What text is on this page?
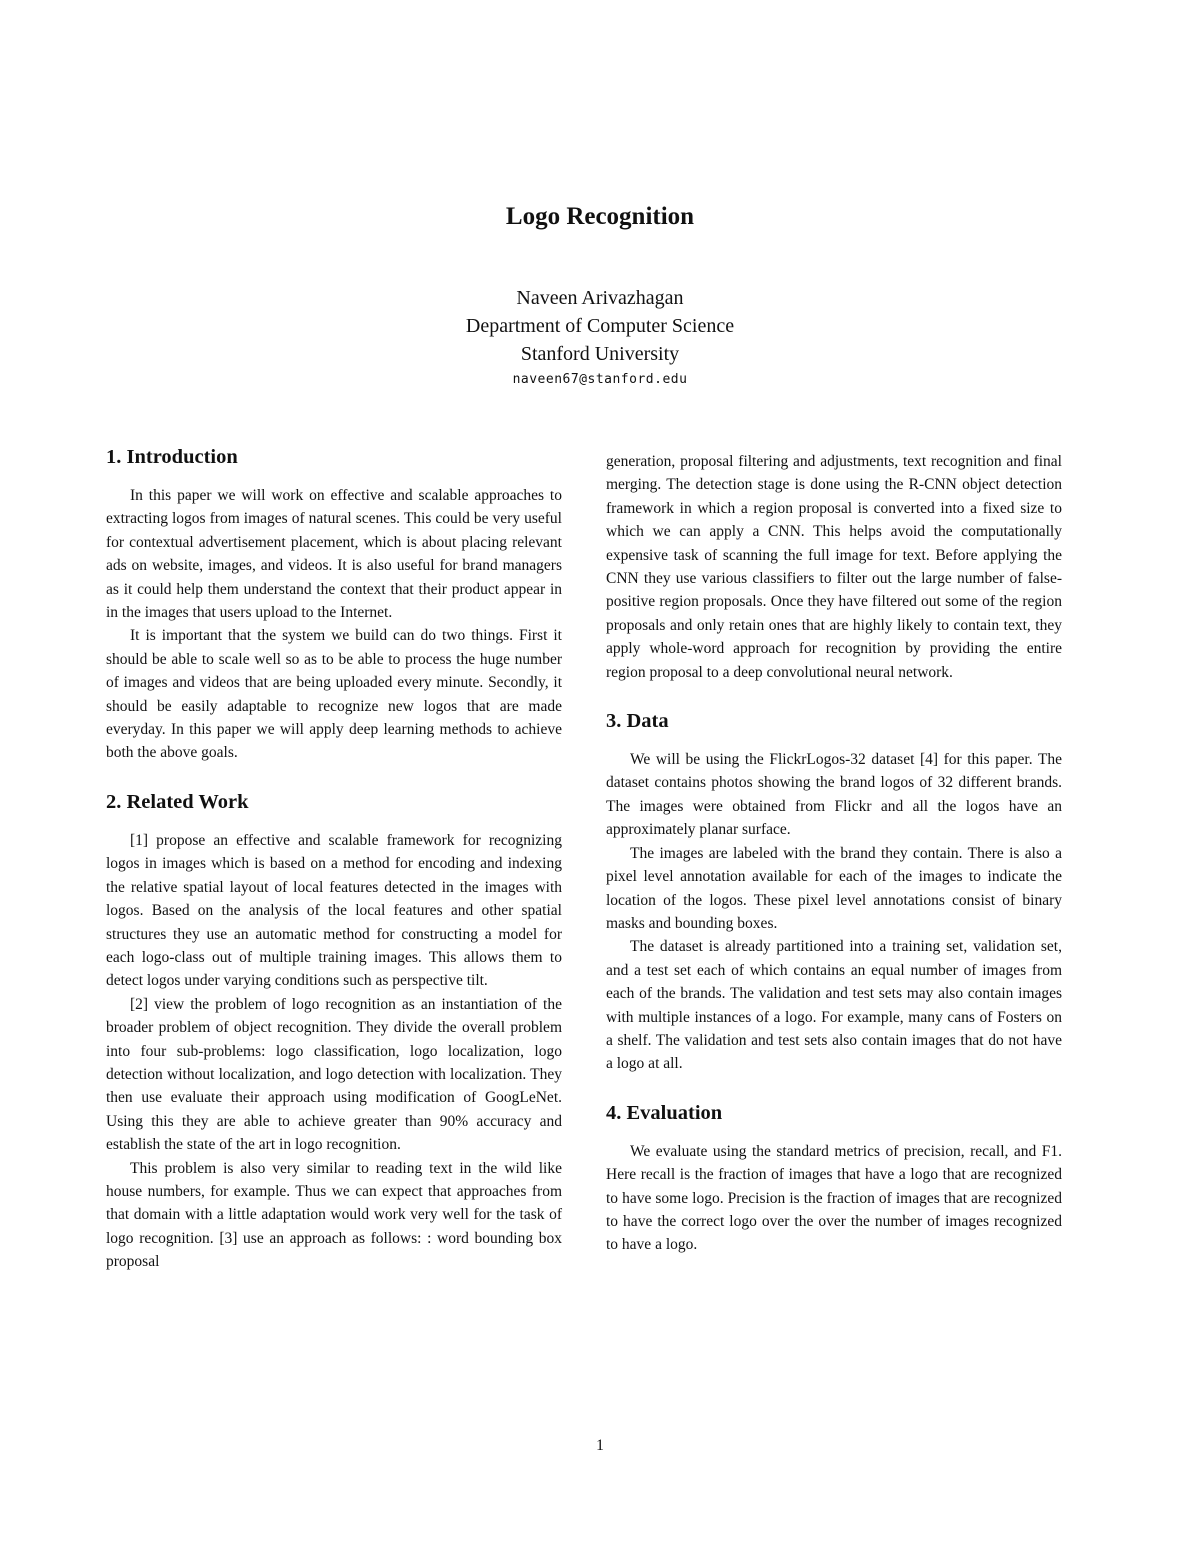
Logo Recognition
Naveen Arivazhagan
Department of Computer Science
Stanford University
naveen67@stanford.edu
1. Introduction

In this paper we will work on effective and scalable approaches to extracting logos from images of natural scenes. This could be very useful for contextual advertisement placement, which is about placing relevant ads on website, images, and videos. It is also useful for brand managers as it could help them understand the context that their product appear in in the images that users upload to the Internet.

It is important that the system we build can do two things. First it should be able to scale well so as to be able to process the huge number of images and videos that are being uploaded every minute. Secondly, it should be easily adaptable to recognize new logos that are made everyday. In this paper we will apply deep learning methods to achieve both the above goals.

2. Related Work

[1] propose an effective and scalable framework for recognizing logos in images which is based on a method for encoding and indexing the relative spatial layout of local features detected in the images with logos. Based on the analysis of the local features and other spatial structures they use an automatic method for constructing a model for each logo-class out of multiple training images. This allows them to detect logos under varying conditions such as perspective tilt.

[2] view the problem of logo recognition as an instantiation of the broader problem of object recognition. They divide the overall problem into four sub-problems: logo classification, logo localization, logo detection without localization, and logo detection with localization. They then use evaluate their approach using modification of GoogLeNet. Using this they are able to achieve greater than 90% accuracy and establish the state of the art in logo recognition.

This problem is also very similar to reading text in the wild like house numbers, for example. Thus we can expect that approaches from that domain with a little adaptation would work very well for the task of logo recognition. [3] use an approach as follows: : word bounding box proposal

generation, proposal filtering and adjustments, text recognition and final merging. The detection stage is done using the R-CNN object detection framework in which a region proposal is converted into a fixed size to which we can apply a CNN. This helps avoid the computationally expensive task of scanning the full image for text. Before applying the CNN they use various classifiers to filter out the large number of false-positive region proposals. Once they have filtered out some of the region proposals and only retain ones that are highly likely to contain text, they apply whole-word approach for recognition by providing the entire region proposal to a deep convolutional neural network.

3. Data

We will be using the FlickrLogos-32 dataset [4] for this paper. The dataset contains photos showing the brand logos of 32 different brands. The images were obtained from Flickr and all the logos have an approximately planar surface.

The images are labeled with the brand they contain. There is also a pixel level annotation available for each of the images to indicate the location of the logos. These pixel level annotations consist of binary masks and bounding boxes.

The dataset is already partitioned into a training set, validation set, and a test set each of which contains an equal number of images from each of the brands. The validation and test sets may also contain images with multiple instances of a logo. For example, many cans of Fosters on a shelf. The validation and test sets also contain images that do not have a logo at all.

4. Evaluation

We evaluate using the standard metrics of precision, recall, and F1. Here recall is the fraction of images that have a logo that are recognized to have some logo. Precision is the fraction of images that are recognized to have the correct logo over the over the number of images recognized to have a logo.

1
